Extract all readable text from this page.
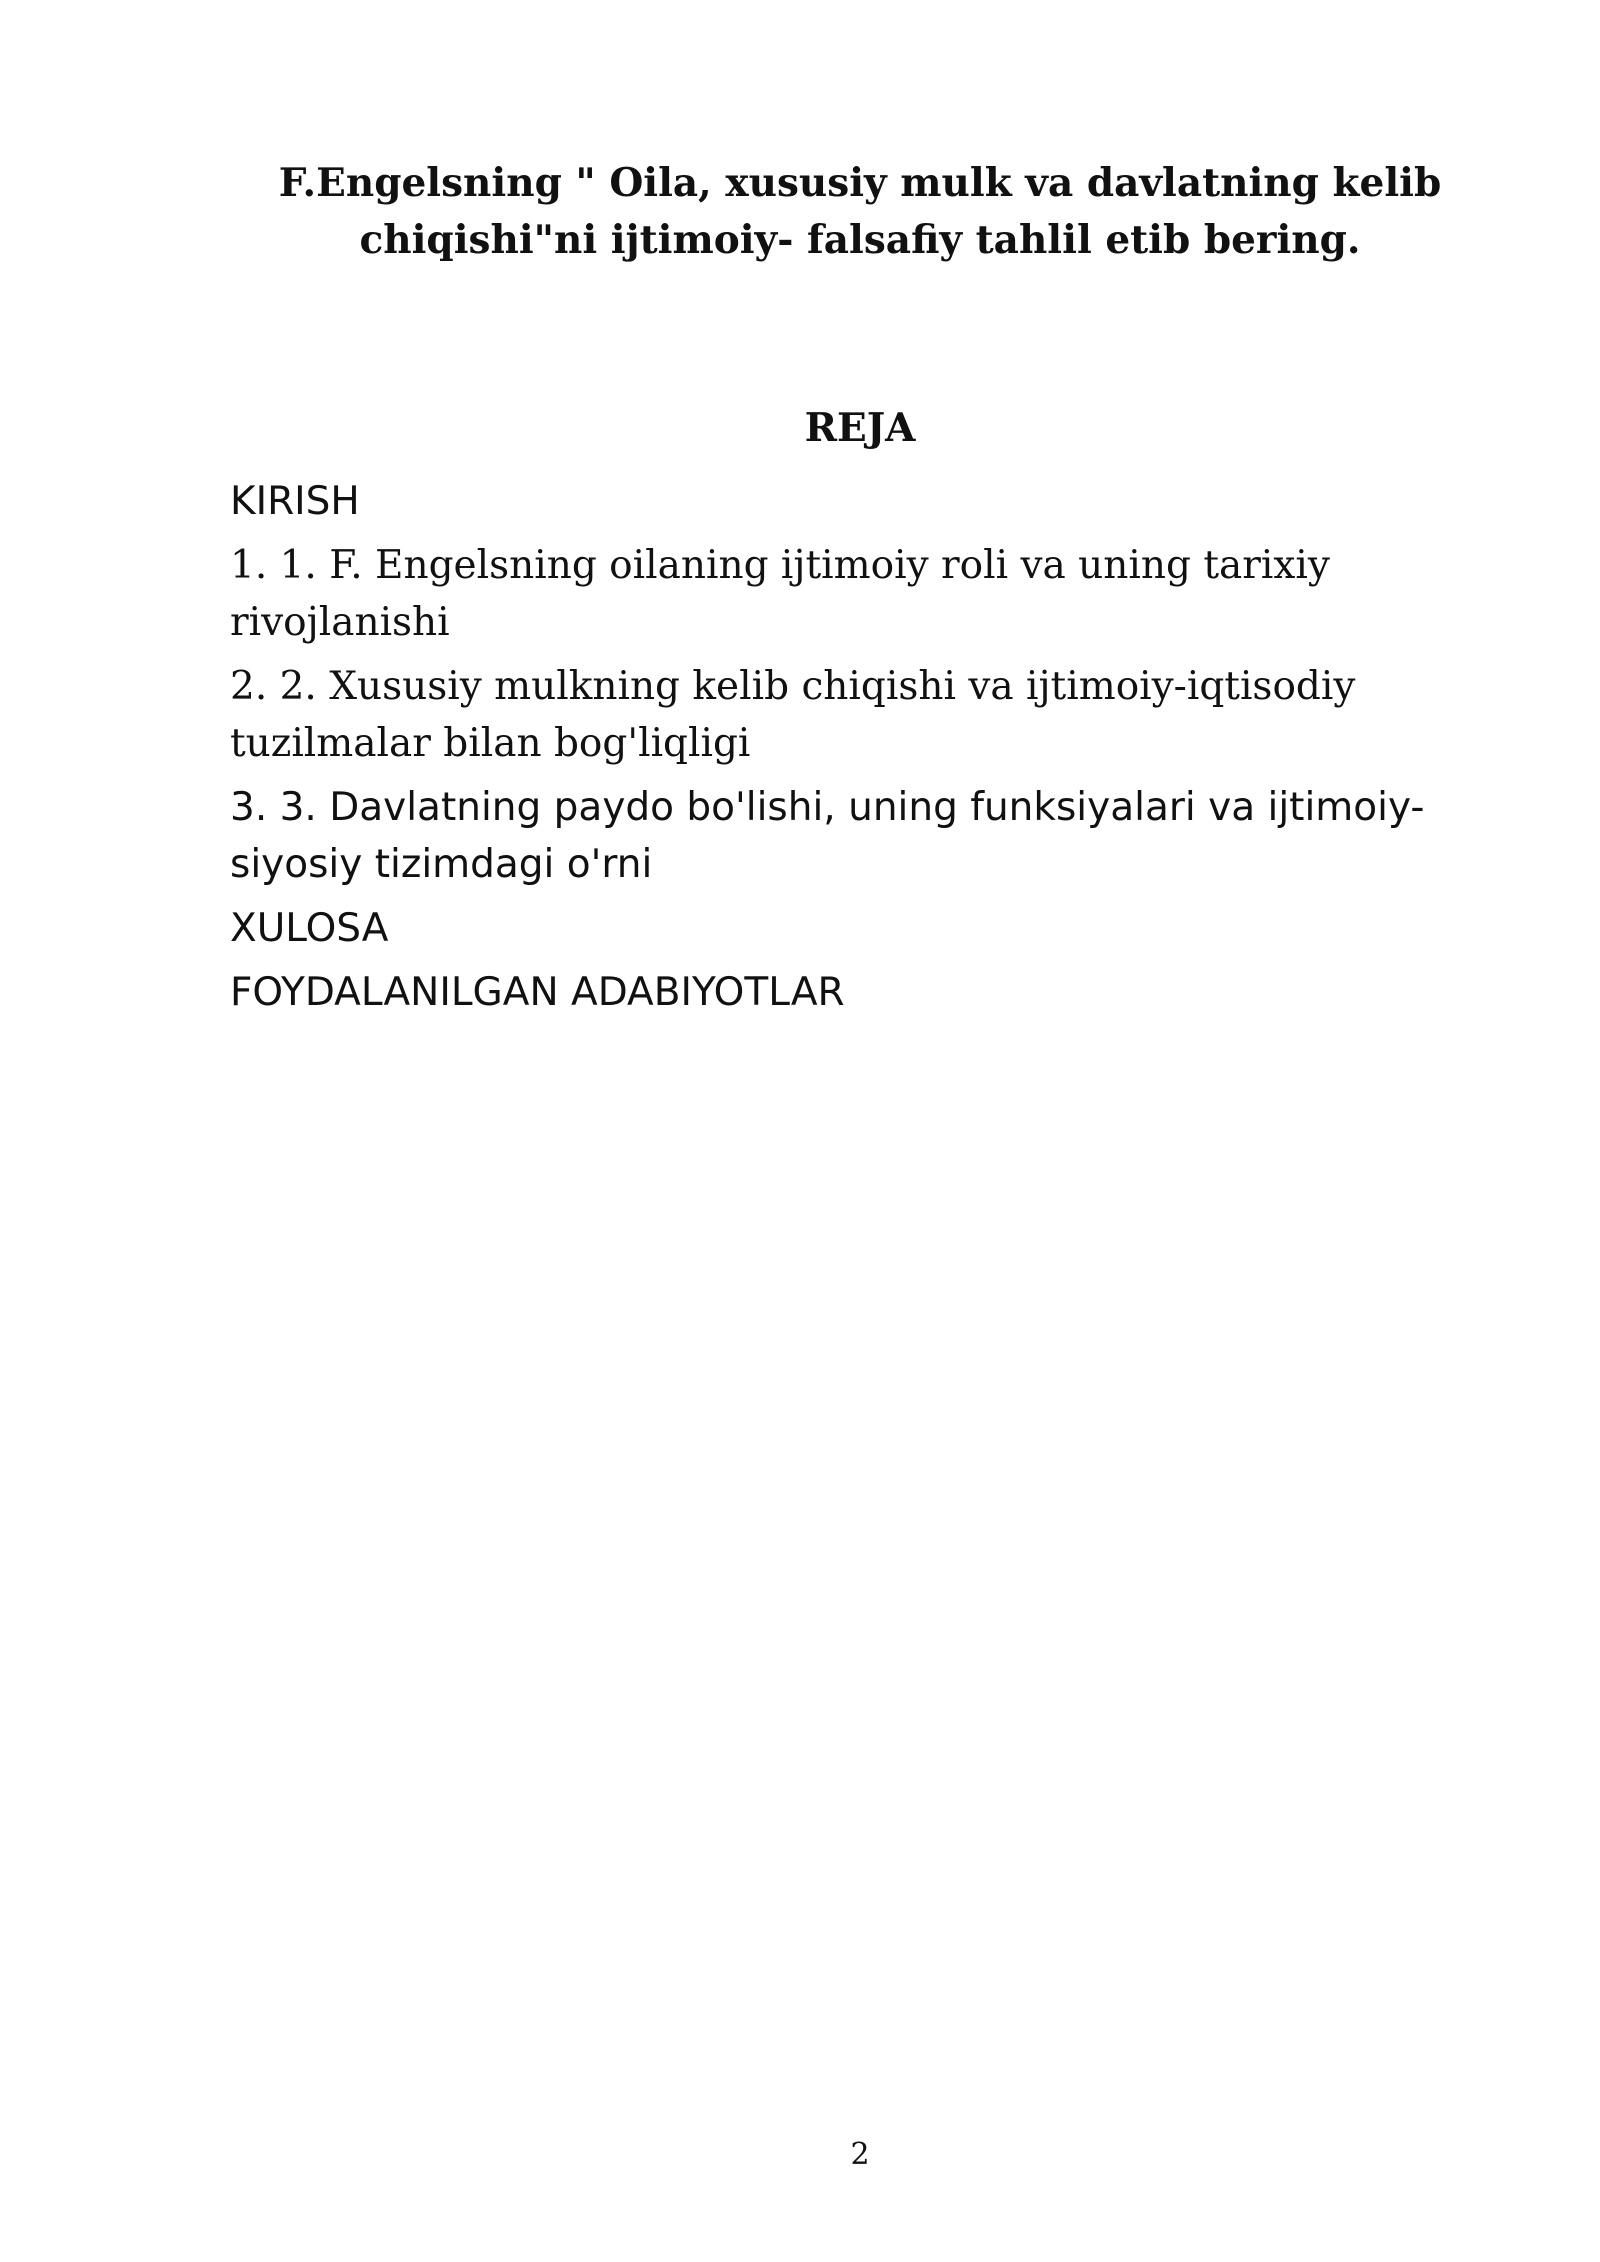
F.Engelsning " Oila, xususiy mulk va davlatning kelib
chiqishi"ni ijtimoiy- falsafiy tahlil etib bering.
REJA
KIRISH
1. 1. F. Engelsning oilaning ijtimoiy roli va uning tarixiy rivojlanishi
2. 2. Xususiy mulkning kelib chiqishi va ijtimoiy-iqtisodiy tuzilmalar bilan bog'liqligi
3. 3. Davlatning paydo bo'lishi, uning funksiyalari va ijtimoiy-siyosiy tizimdagi o'rni
XULOSA
FOYDALANILGAN ADABIYOTLAR
2
